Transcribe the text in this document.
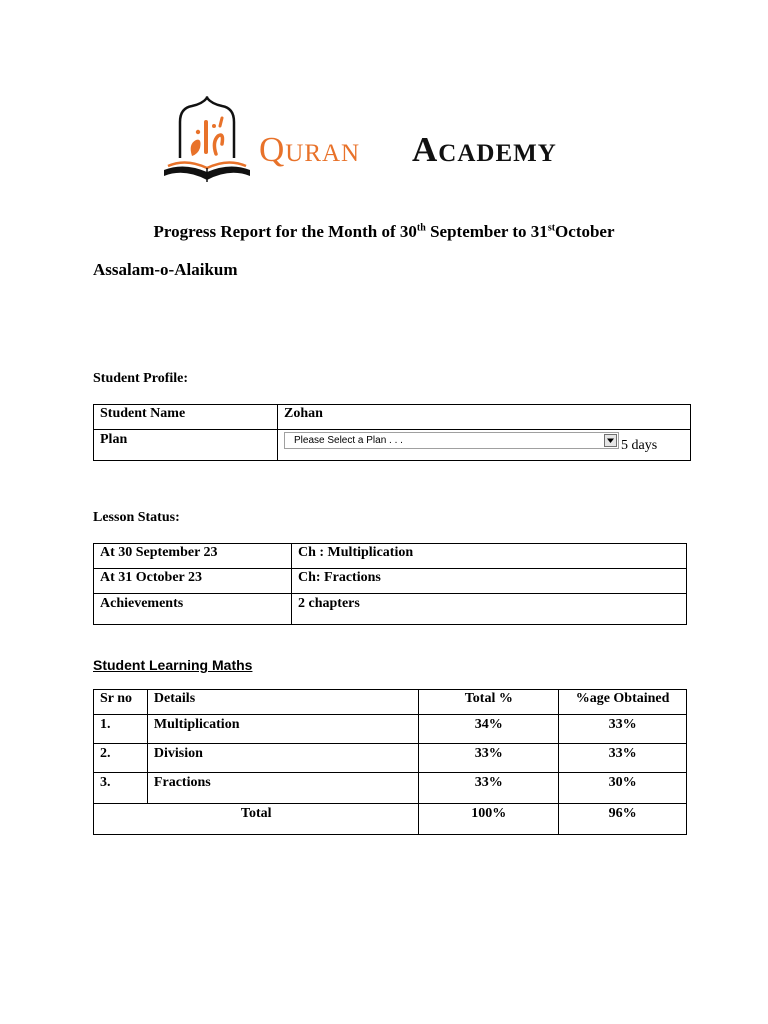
Quran Academy
Progress Report for the Month of 30th September to 31stOctober
Assalam-o-Alaikum
Student Profile:
Student Name	Zohan
Plan	Please Select a Plan . . . 5 days
Lesson Status:
At 30 September 23	Ch : Multiplication
At 31 October 23	Ch: Fractions
Achievements	2 chapters
Student Learning Maths
Sr no	Details	Total %	%age Obtained
1.	Multiplication	34%	33%
2.	Division	33%	33%
3.	Fractions	33%	30%
Total		100%	96%
